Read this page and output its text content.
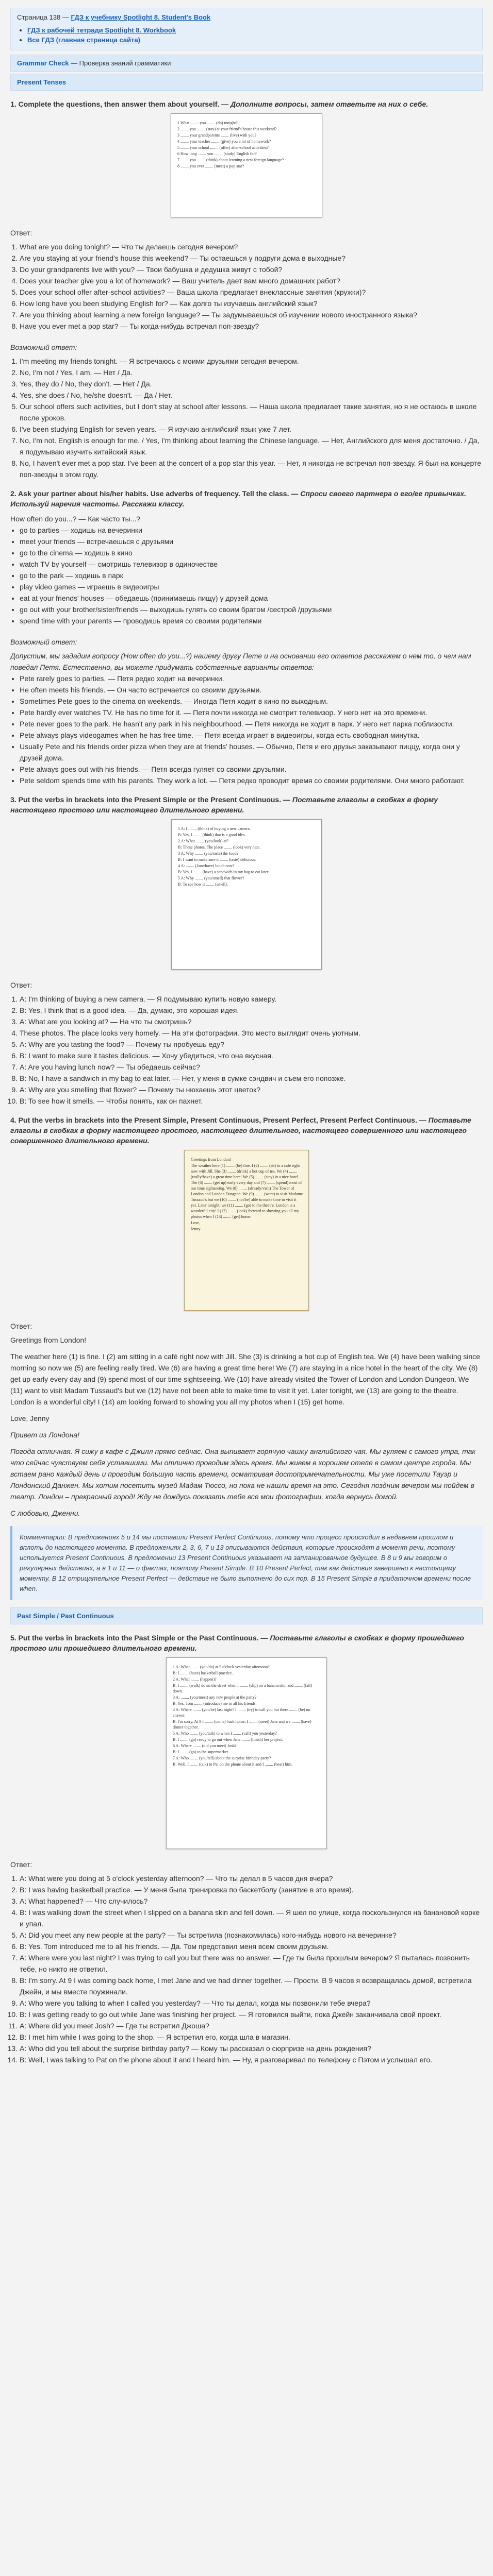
Страница 138 — ГДЗ к учебнику Spotlight 8. Student's Book
• ГДЗ к рабочей тетради Spotlight 8. Workbook
• Все ГДЗ (главная страница сайта)
Grammar Check — Проверка знаний грамматики
Present Tenses
1. Complete the questions, then answer them about yourself. — Дополните вопросы, затем ответьте на них о себе.
1 What ........ you ........ (do) tonight?
2 ........ you ........ (stay) at your friend's house this weekend?
3 ........ your grandparents ........ (live) with you?
4 ........ your teacher ........ (give) you a lot of homework?
5 ........ your school ........ (offer) after-school activities?
6 How long ........ you ........ (study) English for?
7 ........ you ........ (think) about learning a new foreign language?
8 ........ you ever ........ (meet) a pop star?
Ответ:
1. What are you doing tonight? — Что ты делаешь сегодня вечером?
2. Are you staying at your friend's house this weekend? — Ты остаешься у подруги дома в выходные?
3. Do your grandparents live with you? — Твои бабушка и дедушка живут с тобой?
4. Does your teacher give you a lot of homework? — Ваш учитель дает вам много домашних работ?
5. Does your school offer after-school activities? — Ваша школа предлагает внеклассные занятия (кружки)?
6. How long have you been studying English for? — Как долго ты изучаешь английский язык?
7. Are you thinking about learning a new foreign language? — Ты задумываешься об изучении нового иностранного языка?
8. Have you ever met a pop star? — Ты когда-нибудь встречал поп-звезду?
Возможный ответ:
1. I'm meeting my friends tonight. — Я встречаюсь с моими друзьями сегодня вечером.
2. No, I'm not / Yes, I am. — Нет / Да.
3. Yes, they do / No, they don't. — Нет / Да.
4. Yes, she does / No, he/she doesn't. — Да / Нет.
5. Our school offers such activities, but I don't stay at school after lessons. — Наша школа предлагает такие занятия, но я не остаюсь в школе после уроков.
6. I've been studying English for seven years. — Я изучаю английский язык уже 7 лет.
7. No, I'm not. English is enough for me. / Yes, I'm thinking about learning the Chinese language. — Нет, Английского для меня достаточно. / Да, я подумываю изучить китайский язык.
8. No, I haven't ever met a pop star. I've been at the concert of a pop star this year. — Нет, я никогда не встречал поп-звезду. Я был на концерте поп-звезды в этом году.
2. Ask your partner about his/her habits. Use adverbs of frequency. Tell the class. — Спроси своего партнера о его/ее привычках. Используй наречия частоты. Расскажи классу.
How often do you...? — Как часто ты...?
• go to parties — ходишь на вечеринки
• meet your friends — встречаешься с друзьями
• go to the cinema — ходишь в кино
• watch TV by yourself — смотришь телевизор в одиночестве
• go to the park — ходишь в парк
• play video games — играешь в видеоигры
• eat at your friends' houses — обедаешь (принимаешь пищу) у друзей дома
• go out with your brother/sister/friends — выходишь гулять со своим братом /сестрой /друзьями
• spend time with your parents — проводишь время со своими родителями
Возможный ответ:
Допустим, мы зададим вопросу (How often do you...?) нашему другу Пете и на основании его ответов расскажем о нем то, о чем нам поведал Петя. Естественно, вы можете придумать собственные варианты ответов:
• Pete rarely goes to parties. — Петя редко ходит на вечеринки.
• He often meets his friends. — Он часто встречается со своими друзьями.
• Sometimes Pete goes to the cinema on weekends. — Иногда Петя ходит в кино по выходным.
• Pete hardly ever watches TV. He has no time for it. — Петя почти никогда не смотрит телевизор. У него нет на это времени.
• Pete never goes to the park. He hasn't any park in his neighbourhood. — Петя никогда не ходит в парк. У него нет парка поблизости.
• Pete always plays videogames when he has free time. — Петя всегда играет в видеоигры, когда есть свободная минутка.
• Usually Pete and his friends order pizza when they are at friends' houses. — Обычно, Петя и его друзья заказывают пиццу, когда они у друзей дома.
• Pete always goes out with his friends. — Петя всегда гуляет со своими друзьями.
• Pete seldom spends time with his parents. They work a lot. — Петя редко проводит время со своими родителями. Они много работают.
3. Put the verbs in brackets into the Present Simple or the Present Continuous. — Поставьте глаголы в скобках в форму настоящего простого или настоящего длительного времени.
1 A: I ........ (think) of buying a new camera.
B: Yes, I ........ (think) that is a good idea.
2 A: What ........ (you/look) at?
B: These photos. The place ........ (look) very nice.
3 A: Why ........ (you/taste) the food?
B: I want to make sure it ........ (taste) delicious.
4 A: ........ (Jane/have) lunch now?
B: Yes, I ........ (have) a sandwich in my bag to eat later.
5 A: Why ........ (you/smell) that flower?
B: To see how it ........ (smell).
Ответ:
1. A: I'm thinking of buying a new camera. — Я подумываю купить новую камеру.
2. B: Yes, I think that is a good idea. — Да, думаю, это хорошая идея.
3. A: What are you looking at? — На что ты смотришь?
4. These photos. The place looks very homely. — На эти фотографии. Это место выглядит очень уютным.
5. A: Why are you tasting the food? — Почему ты пробуешь еду?
6. B: I want to make sure it tastes delicious. — Хочу убедиться, что она вкусная.
7. A: Are you having lunch now? — Ты обедаешь сейчас?
8. B: No, I have a sandwich in my bag to eat later. — Нет, у меня в сумке сэндвич и съем его попозже.
9. A: Why are you smelling that flower? — Почему ты нюхаешь этот цветок?
10. B: To see how it smells. — Чтобы понять, как он пахнет.
4. Put the verbs in brackets into the Present Simple, Present Continuous, Present Perfect, Present Perfect Continuous. — Поставьте глаголы в скобках в форму настоящего простого, настоящего длительного, настоящего совершенного или настоящего совершенного длительного времени.
Greetings from London!
The weather here (1) ........ (be) fine. I (2) ........ (sit) in a café right now with Jill. She (3) ........ (drink) a hot cup of tea. We (4) ........ (really/have) a great time here! We (5) ........ (stay) in a nice hotel. The (6) ........ (get up) early every day and (7) ........ (spend) most of our time sightseeing. We (8) ........ (already/visit) The Tower of London and London Dungeon. We (9) ........ (want) to visit Madame Tussaud's but we (10) ........ (not/be) able to make time to visit it yet. Later tonight, we (11) ........ (go) to the theatre. London is a wonderful city! I (12) ........ (look) forward to showing you all my photos when I (13) ........ (get) home.
Love,
Jenny
Ответ:

Greetings from London!

The weather here (1) is fine. I (2) am sitting in a café right now with Jill. She (3) is drinking a hot cup of English tea. We (4) have been walking since morning so now we (5) are feeling really tired. We (6) are having a great time here! We (7) are staying in a nice hotel in the heart of the city. We (8) get up early every day and (9) spend most of our time sightseeing. We (10) have already visited the Tower of London and London Dungeon. We (11) want to visit Madam Tussaud's but we (12) have not been able to make time to visit it yet. Later tonight, we (13) are going to the theatre. London is a wonderful city! I (14) am looking forward to showing you all my photos when I (15) get home.

Love, Jenny

Привет из Лондона!

Погода отличная. Я сижу в кафе с Джилл прямо сейчас. Она выпивает горячую чашку английского чая. Мы гуляем с самого утра, так что сейчас чувствуем себя уставшими. Мы отлично проводим здесь время. Мы живем в хорошем отеле в самом центре города. Мы встаем рано каждый день и проводим большую часть времени, осматривая достопримечательности. Мы уже посетили Тауэр и Лондонский Данжен. Мы хотим посетить музей Мадам Тюссо, но пока не нашли время на это. Сегодня поздним вечером мы пойдем в театр. Лондон – прекрасный город! Жду не дождусь показать тебе все мои фотографии, когда вернусь домой.

С любовью, Дженни.

Комментарии: В предложениях 5 и 14 мы поставили Present Perfect Continuous, потому что процесс происходил в недавнем прошлом и вплоть до настоящего момента. В предложениях 2, 3, 6, 7 и 13 описываются действия, которые происходят в момент речи, поэтому используется Present Continuous. В предложении 13 Present Continuous указывает на запланированное будущее. В 8 и 9 мы говорим о регулярных действиях, а в 1 и 11 — о фактах, поэтому Present Simple. В 10 Present Perfect, так как действие завершено к настоящему моменту. В 12 отрицательное Present Perfect — действие не было выполнено до сих пор. В 15 Present Simple в придаточном времени после when.
Past Simple / Past Continuous
5. Put the verbs in brackets into the Past Simple or the Past Continuous. — Поставьте глаголы в скобках в форму прошедшего простого или прошедшего длительного времени.
1 A: What ........ (you/do) at 5 o'clock yesterday afternoon?
B: I ........ (have) basketball practice.
2 A: What ........ (happen)?
B: I ........ (walk) down the street when I ........ (slip) on a banana skin and ........ (fall) down.
3 A: ........ (you/meet) any new people at the party?
B: Yes. Tom ........ (introduce) me to all his friends.
4 A: Where ........ (you/be) last night? I ........ (try) to call you but there ........ (be) no answer.
B: I'm sorry. At 9 I ........ (come) back home, I ........ (meet) Jane and we ........ (have) dinner together.
5 A: Who ........ (you/talk) to when I ........ (call) you yesterday?
B: I ........ (go) ready to go out when Jane ........ (finish) her project.
6 A: Where ........ (did you meet) Josh?
B: I ........ (go) to the supermarket.
7 A: Who ........ (you/tell) about the surprise birthday party?
B: Well, I ........ (talk) to Pat on the phone about it and I ........ (hear) him.
Ответ:
1. A: What were you doing at 5 o'clock yesterday afternoon? — Что ты делал в 5 часов дня вчера?
2. B: I was having basketball practice. — У меня была тренировка по баскетболу (занятие в это время).
3. A: What happened? — Что случилось?
4. B: I was walking down the street when I slipped on a banana skin and fell down. — Я шел по улице, когда поскользнулся на банановой корке и упал.
5. A: Did you meet any new people at the party? — Ты встретила (познакомилась) кого-нибудь нового на вечеринке?
6. B: Yes. Tom introduced me to all his friends. — Да. Том представил меня всем своим друзьям.
7. A: Where were you last night? I was trying to call you but there was no answer. — Где ты была прошлым вечером? Я пыталась позвонить тебе, но никто не ответил.
8. B: I'm sorry. At 9 I was coming back home, I met Jane and we had dinner together. — Прости. В 9 часов я возвращалась домой, встретила Джейн, и мы вместе поужинали.
9. A: Who were you talking to when I called you yesterday? — Что ты делал, когда мы позвонили тебе вчера?
10. B: I was getting ready to go out while Jane was finishing her project. — Я готовился выйти, пока Джейн заканчивала свой проект.
11. A: Where did you meet Josh? — Где ты встретил Джоша?
12. B: I met him while I was going to the shop. — Я встретил его, когда шла в магазин.
13. A: Who did you tell about the surprise birthday party? — Кому ты рассказал о сюрпризе на день рождения?
14. B: Well, I was talking to Pat on the phone about it and I heard him. — Ну, я разговаривал по телефону с Пэтом и услышал его.
